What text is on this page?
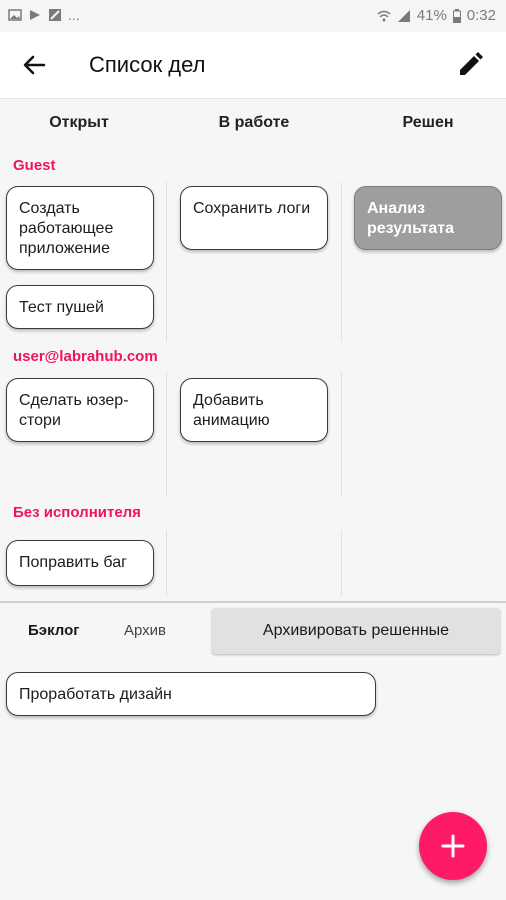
...	41% 0:32
Список дел
Открыт	В работе	Решен
Guest
Создать работающее приложение
Тест пушей
Сохранить логи	Анализ результата
user@labrahub.com
Сделать юзер-стори
Добавить анимацию
Без исполнителя
Поправить баг
Бэклог	Архив	Архивировать решенные
Проработать дизайн
